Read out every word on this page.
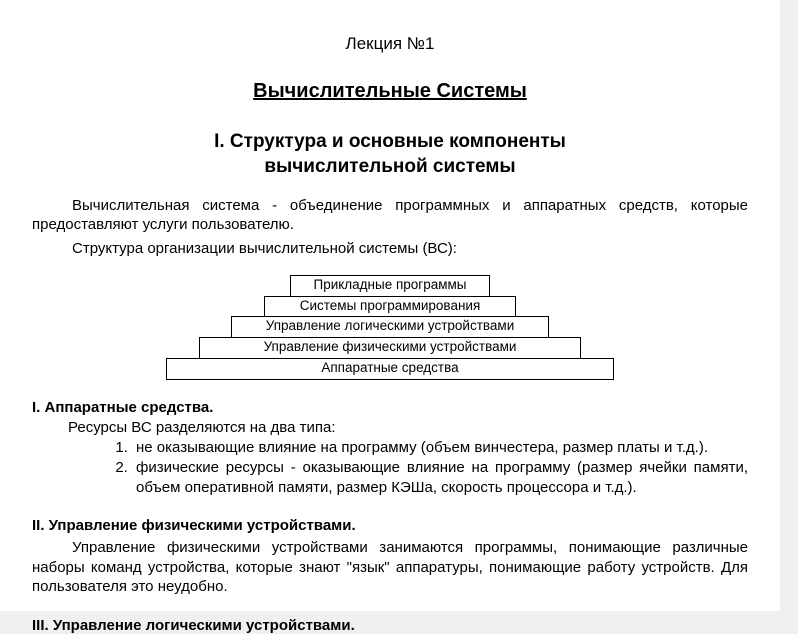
Лекция №1
Вычислительные Системы
I. Структура и основные компоненты
вычислительной системы

Вычислительная система - объединение программных и аппаратных средств, которые предоставляют услуги пользователю.

Структура организации вычислительной системы (ВС):

Прикладные программы
Системы программирования
Управление логическими устройствами
Управление физическими устройствами
Аппаратные средства
I. Аппаратные средства.
Ресурсы ВС разделяются на два типа:
1. не оказывающие влияние на программу (объем винчестера, размер платы и т.д.).
2. физические ресурсы - оказывающие влияние на программу (размер ячейки памяти, объем оперативной памяти, размер КЭШа, скорость процессора и т.д.).
II. Управление физическими устройствами.
Управление физическими устройствами занимаются программы, понимающие различные наборы команд устройства, которые знают "язык" аппаратуры, понимающие работу устройств. Для пользователя это неудобно.
III. Управление логическими устройствами.
